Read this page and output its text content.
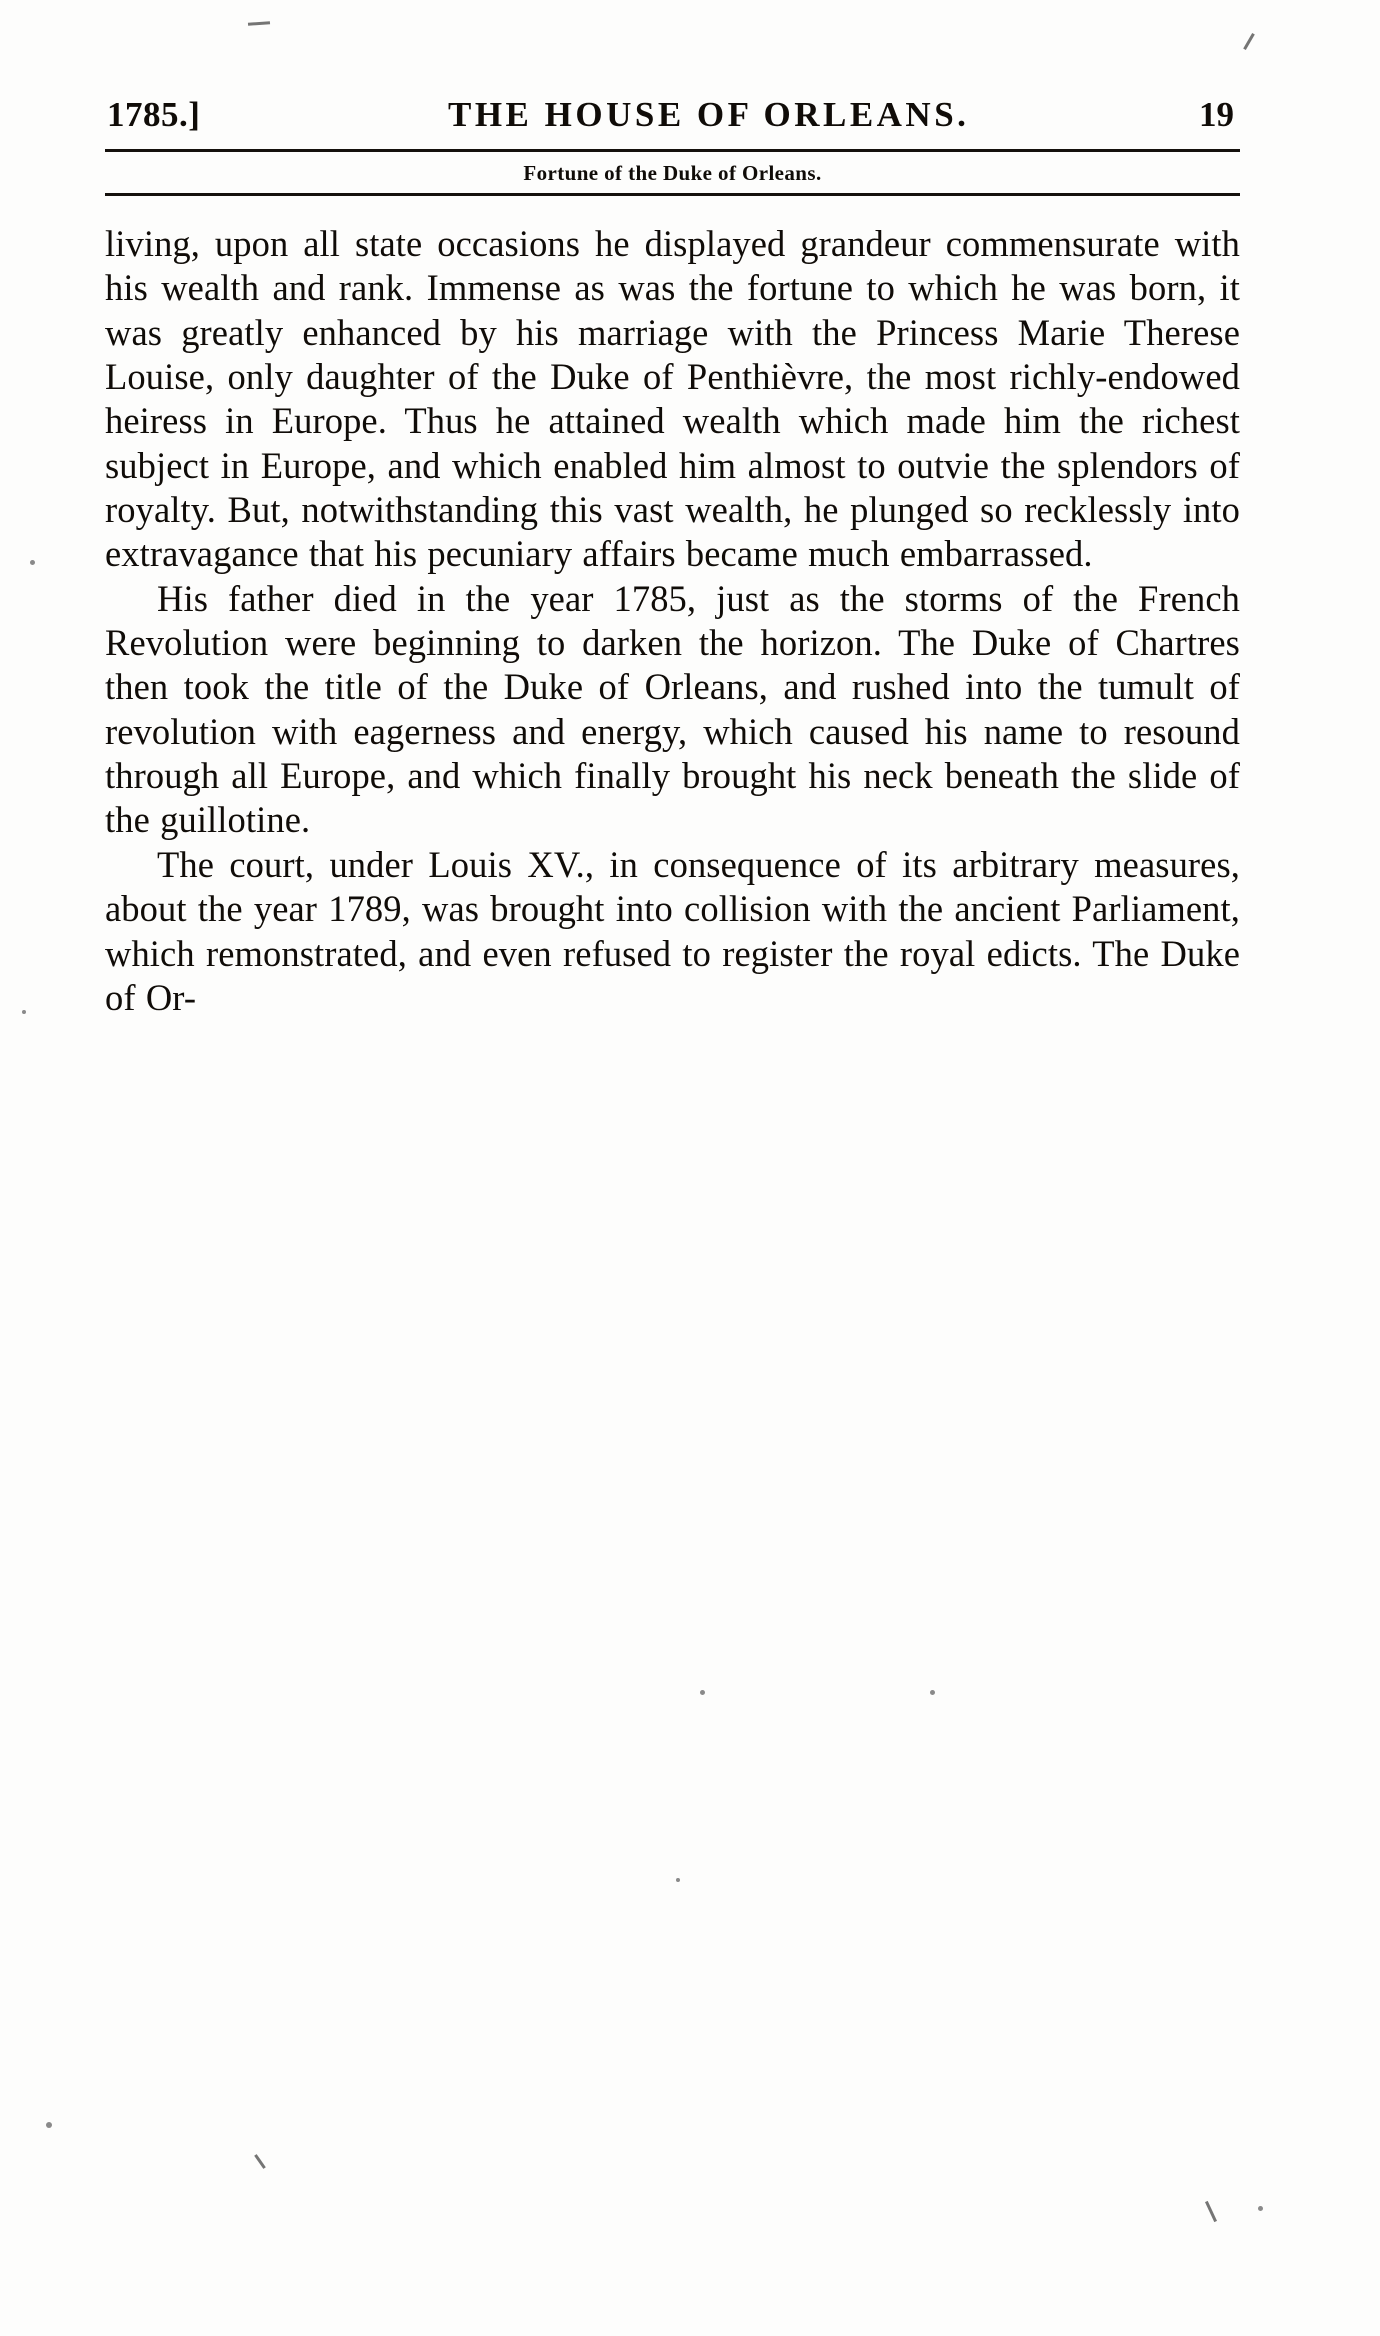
1785.]	THE HOUSE OF ORLEANS.	19
Fortune of the Duke of Orleans.

living, upon all state occasions he displayed grandeur commensurate with his wealth and rank. Immense as was the fortune to which he was born, it was greatly enhanced by his marriage with the Princess Marie Therese Louise, only daughter of the Duke of Penthièvre, the most richly-endowed heiress in Europe. Thus he attained wealth which made him the richest subject in Europe, and which enabled him almost to outvie the splendors of royalty. But, notwithstanding this vast wealth, he plunged so recklessly into extravagance that his pecuniary affairs became much embarrassed.

His father died in the year 1785, just as the storms of the French Revolution were beginning to darken the horizon. The Duke of Chartres then took the title of the Duke of Orleans, and rushed into the tumult of revolution with eagerness and energy, which caused his name to resound through all Europe, and which finally brought his neck beneath the slide of the guillotine.

The court, under Louis XV., in consequence of its arbitrary measures, about the year 1789, was brought into collision with the ancient Parliament, which remonstrated, and even refused to register the royal edicts. The Duke of Or-
